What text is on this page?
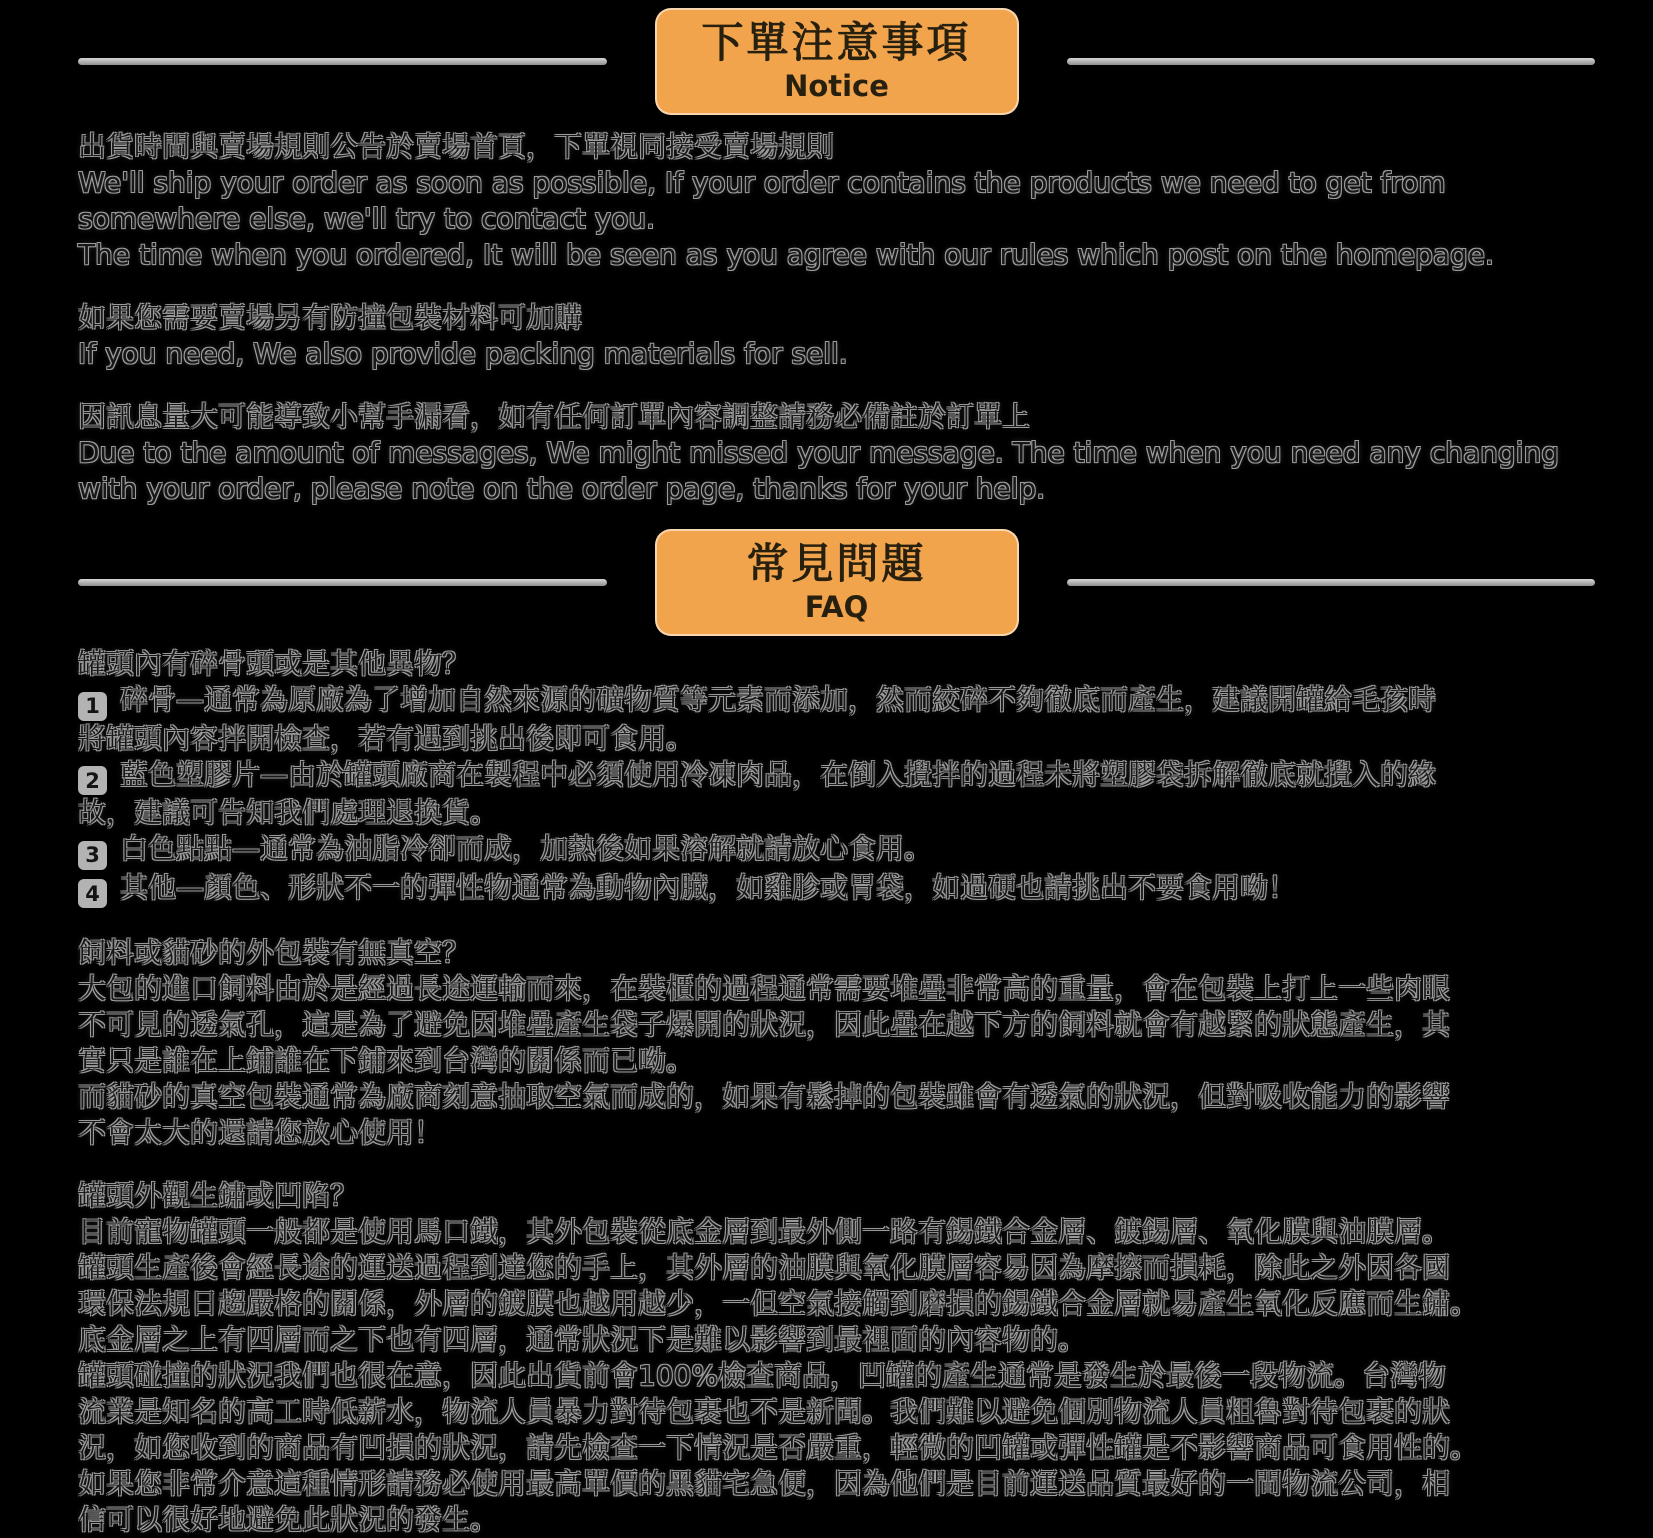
下單注意事項
Notice
出貨時間與賣場規則公告於賣場首頁，下單視同接受賣場規則
We'll ship your order as soon as possible, If your order contains the products we need to get from
somewhere else, we'll try to contact you.
The time when you ordered, It will be seen as you agree with our rules which post on the homepage.
如果您需要賣場另有防撞包裝材料可加購
If you need, We also provide packing materials for sell.
因訊息量大可能導致小幫手漏看，如有任何訂單內容調整請務必備註於訂單上
Due to the amount of messages, We might missed your message. The time when you need any changing
with your order, please note on the order page, thanks for your help.
常見問題
FAQ
罐頭內有碎骨頭或是其他異物？
1 碎骨—通常為原廠為了增加自然來源的礦物質等元素而添加，然而絞碎不夠徹底而產生，建議開罐給毛孩時
將罐頭內容拌開檢查，若有遇到挑出後即可食用。
2 藍色塑膠片—由於罐頭廠商在製程中必須使用冷凍肉品，在倒入攪拌的過程未將塑膠袋拆解徹底就攪入的緣
故，建議可告知我們處理退換貨。
3 白色點點—通常為油脂冷卻而成，加熱後如果溶解就請放心食用。
4 其他—顏色、形狀不一的彈性物通常為動物內臟，如雞胗或胃袋，如過硬也請挑出不要食用呦！
飼料或貓砂的外包裝有無真空？
大包的進口飼料由於是經過長途運輸而來，在裝櫃的過程通常需要堆疊非常高的重量，會在包裝上打上一些肉眼
不可見的透氣孔，這是為了避免因堆疊產生袋子爆開的狀況，因此疊在越下方的飼料就會有越緊的狀態產生，其
實只是誰在上鋪誰在下鋪來到台灣的關係而已呦。
而貓砂的真空包裝通常為廠商刻意抽取空氣而成的，如果有鬆掉的包裝雖會有透氣的狀況，但對吸收能力的影響
不會太大的還請您放心使用！
罐頭外觀生鏽或凹陷？
目前寵物罐頭一般都是使用馬口鐵，其外包裝從底金層到最外側一路有錫鐵合金層、鍍錫層、氧化膜與油膜層。
罐頭生產後會經長途的運送過程到達您的手上，其外層的油膜與氧化膜層容易因為摩擦而損耗，除此之外因各國
環保法規日趨嚴格的關係，外層的鍍膜也越用越少，一但空氣接觸到磨損的錫鐵合金層就易產生氧化反應而生鏽。
底金層之上有四層而之下也有四層，通常狀況下是難以影響到最裡面的內容物的。
罐頭碰撞的狀況我們也很在意，因此出貨前會100%檢查商品，凹罐的產生通常是發生於最後一段物流。台灣物
流業是知名的高工時低薪水，物流人員暴力對待包裹也不是新聞。我們難以避免個別物流人員粗魯對待包裹的狀
況，如您收到的商品有凹損的狀況，請先檢查一下情況是否嚴重，輕微的凹罐或彈性罐是不影響商品可食用性的。
如果您非常介意這種情形請務必使用最高單價的黑貓宅急便，因為他們是目前運送品質最好的一間物流公司，相
信可以很好地避免此狀況的發生。
